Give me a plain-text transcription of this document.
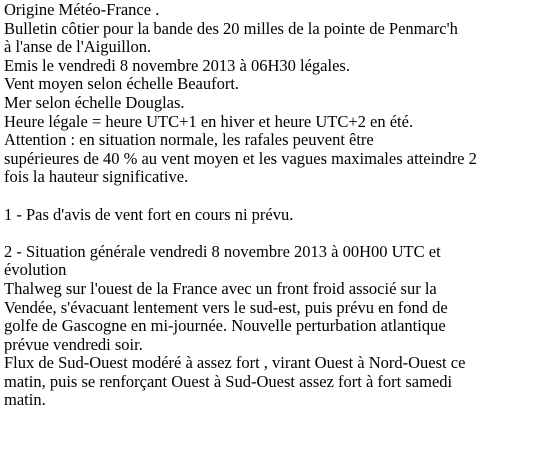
Origine Météo-France .
Bulletin côtier pour la bande des 20 milles de la pointe de Penmarc'h
à l'anse de l'Aiguillon.
Emis le vendredi 8 novembre 2013 à 06H30 légales.
Vent moyen selon échelle Beaufort.
Mer selon échelle Douglas.
Heure légale = heure UTC+1 en hiver et heure UTC+2 en été.
Attention : en situation normale, les rafales peuvent être
supérieures de 40 % au vent moyen et les vagues maximales atteindre 2
fois la hauteur significative.
1 - Pas d'avis de vent fort en cours ni prévu.
2 - Situation générale vendredi 8 novembre 2013 à 00H00 UTC et
évolution
Thalweg sur l'ouest de la France avec un front froid associé sur la
Vendée, s'évacuant lentement vers le sud-est, puis prévu en fond de
golfe de Gascogne en mi-journée. Nouvelle perturbation atlantique
prévue vendredi soir.
Flux de Sud-Ouest modéré à assez fort , virant Ouest à Nord-Ouest ce
matin, puis se renforçant Ouest à Sud-Ouest assez fort à fort samedi
matin.
